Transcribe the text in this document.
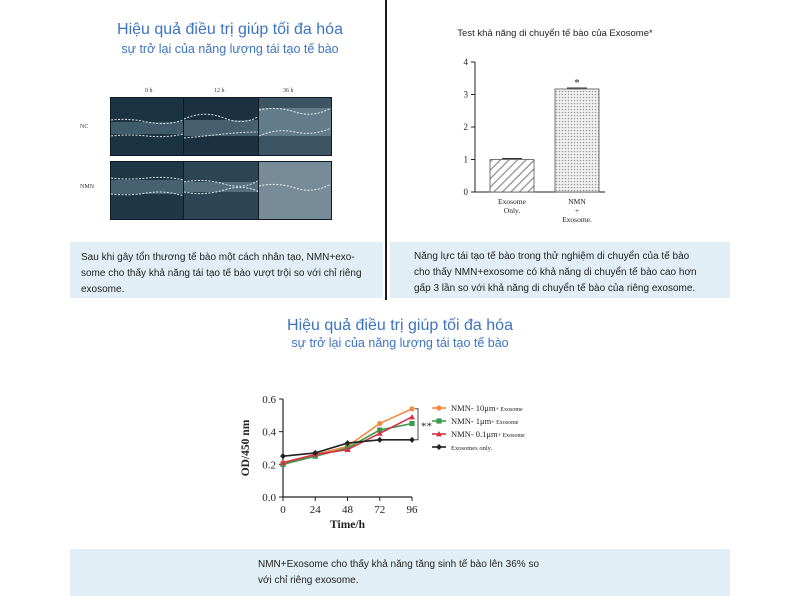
Hiệu quả điều trị giúp tối đa hóa
sự trở lại của năng lượng tái tạo tế bào
0 h	12 h	36 h
NC
NMN
Sau khi gây tổn thương tế bào một cách nhân tạo, NMN+exo-
some cho thấy khả năng tái tạo tế bào vượt trội so với chỉ riêng
exosome.
Test khả năng di chuyển tế bào của Exosome*
0
1
2
3
4
Exosome
Only.
NMN
+
Exosome.
*
Năng lực tái tạo tế bào trong thử nghiệm di chuyển của tế bào
cho thấy NMN+exosome có khả năng di chuyển tế bào cao hơn
gấp 3 lần so với khả năng di chuyển tế bào của riêng exosome.
Hiệu quả điều trị giúp tối đa hóa
sự trở lại của năng lượng tái tạo tế bào
0.0
0.2
0.4
0.6
0 24 48 72 96
Time/h
OD/450 nm	**
NMN- 10μm+ Exosome
NMN- 1μm+ Exosome
NMN- 0.1μm+ Exosome
Exosomes only.
NMN+Exosome cho thấy khả năng tăng sinh tế bào lên 36% so
với chỉ riêng exosome.
